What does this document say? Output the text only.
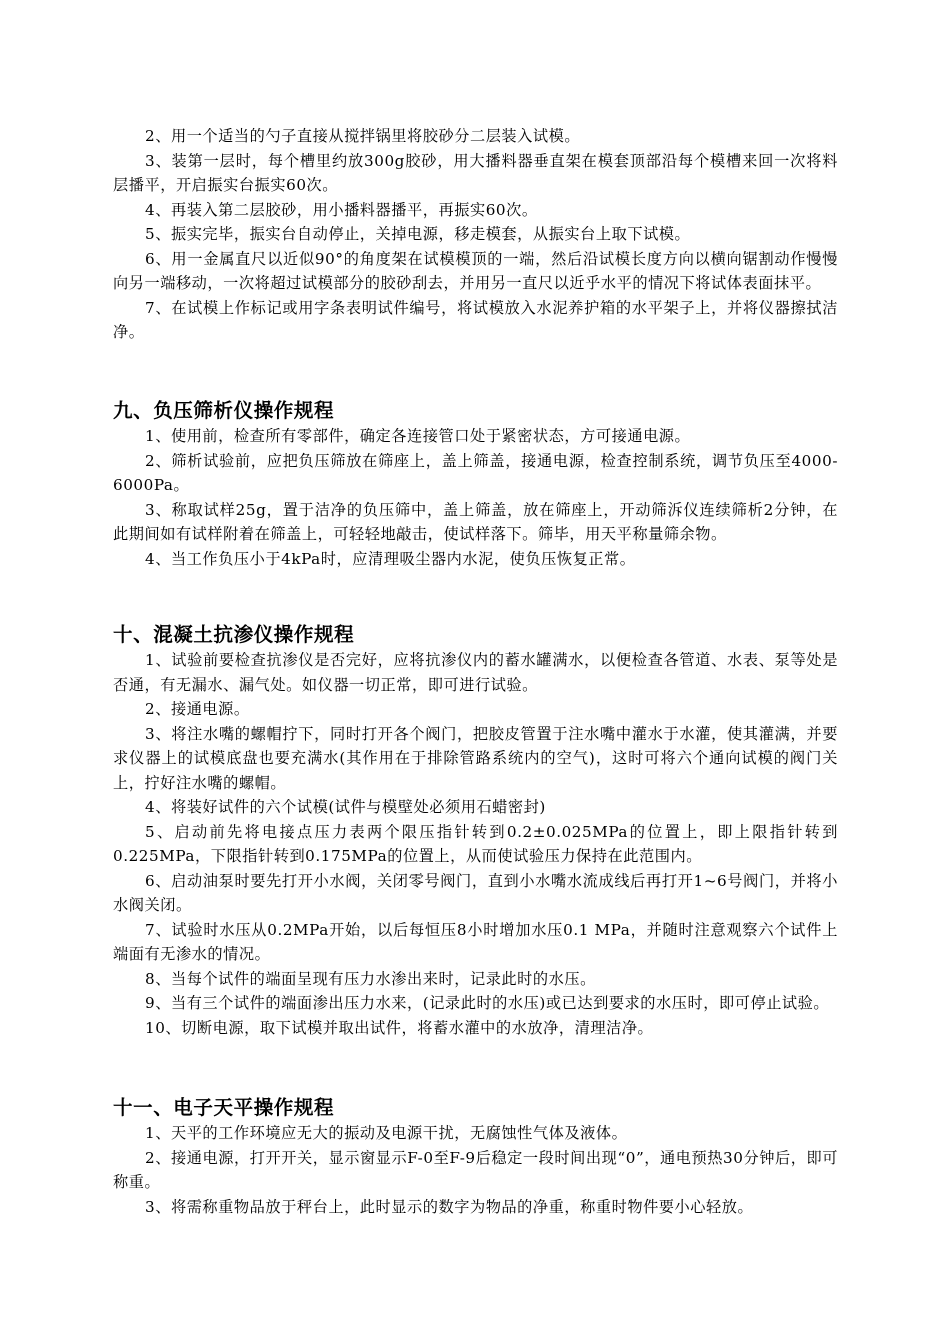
2、用一个适当的勺子直接从搅拌锅里将胶砂分二层装入试模。
3、装第一层时，每个槽里约放300g胶砂，用大播料器垂直架在模套顶部沿每个模槽来回一次将料层播平，开启振实台振实60次。
4、再装入第二层胶砂，用小播料器播平，再振实60次。
5、振实完毕，振实台自动停止，关掉电源，移走模套，从振实台上取下试模。
6、用一金属直尺以近似90°的角度架在试模模顶的一端，然后沿试模长度方向以横向锯割动作慢慢向另一端移动，一次将超过试模部分的胶砂刮去，并用另一直尺以近乎水平的情况下将试体表面抹平。
7、在试模上作标记或用字条表明试件编号，将试模放入水泥养护箱的水平架子上，并将仪器擦拭洁净。
九、负压筛析仪操作规程
1、使用前，检查所有零部件，确定各连接管口处于紧密状态，方可接通电源。
2、筛析试验前，应把负压筛放在筛座上，盖上筛盖，接通电源，检查控制系统，调节负压至4000-6000Pa。
3、称取试样25g，置于洁净的负压筛中，盖上筛盖，放在筛座上，开动筛泝仪连续筛析2分钟，在此期间如有试样附着在筛盖上，可轻轻地敲击，使试样落下。筛毕，用天平称量筛余物。
4、当工作负压小于4kPa时，应清理吸尘器内水泥，使负压恢复正常。
十、混凝土抗渗仪操作规程
1、试验前要检查抗渗仪是否完好，应将抗渗仪内的蓄水罐满水，以便检查各管道、水表、泵等处是否通，有无漏水、漏气处。如仪器一切正常，即可进行试验。
2、接通电源。
3、将注水嘴的螺帽拧下，同时打开各个阀门，把胶皮管置于注水嘴中灌水于水灌，使其灌满，并要求仪器上的试模底盘也要充满水(其作用在于排除管路系统内的空气)，这时可将六个通向试模的阀门关上，拧好注水嘴的螺帽。
4、将装好试件的六个试模(试件与模壁处必须用石蜡密封)
5、启动前先将电接点压力表两个限压指针转到0.2±0.025MPa的位置上，即上限指针转到0.225MPa，下限指针转到0.175MPa的位置上，从而使试验压力保持在此范围内。
6、启动油泵时要先打开小水阀，关闭零号阀门，直到小水嘴水流成线后再打开1~6号阀门，并将小水阀关闭。
7、试验时水压从0.2MPa开始，以后每恒压8小时增加水压0.1 MPa，并随时注意观察六个试件上端面有无渗水的情况。
8、当每个试件的端面呈现有压力水渗出来时，记录此时的水压。
9、当有三个试件的端面渗出压力水来，(记录此时的水压)或已达到要求的水压时，即可停止试验。
10、切断电源，取下试模并取出试件，将蓄水灌中的水放净，清理洁净。
十一、电子天平操作规程
1、天平的工作环境应无大的振动及电源干扰，无腐蚀性气体及液体。
2、接通电源，打开开关，显示窗显示F-0至F-9后稳定一段时间出现“0”，通电预热30分钟后，即可称重。
3、将需称重物品放于秤台上，此时显示的数字为物品的净重，称重时物件要小心轻放。
